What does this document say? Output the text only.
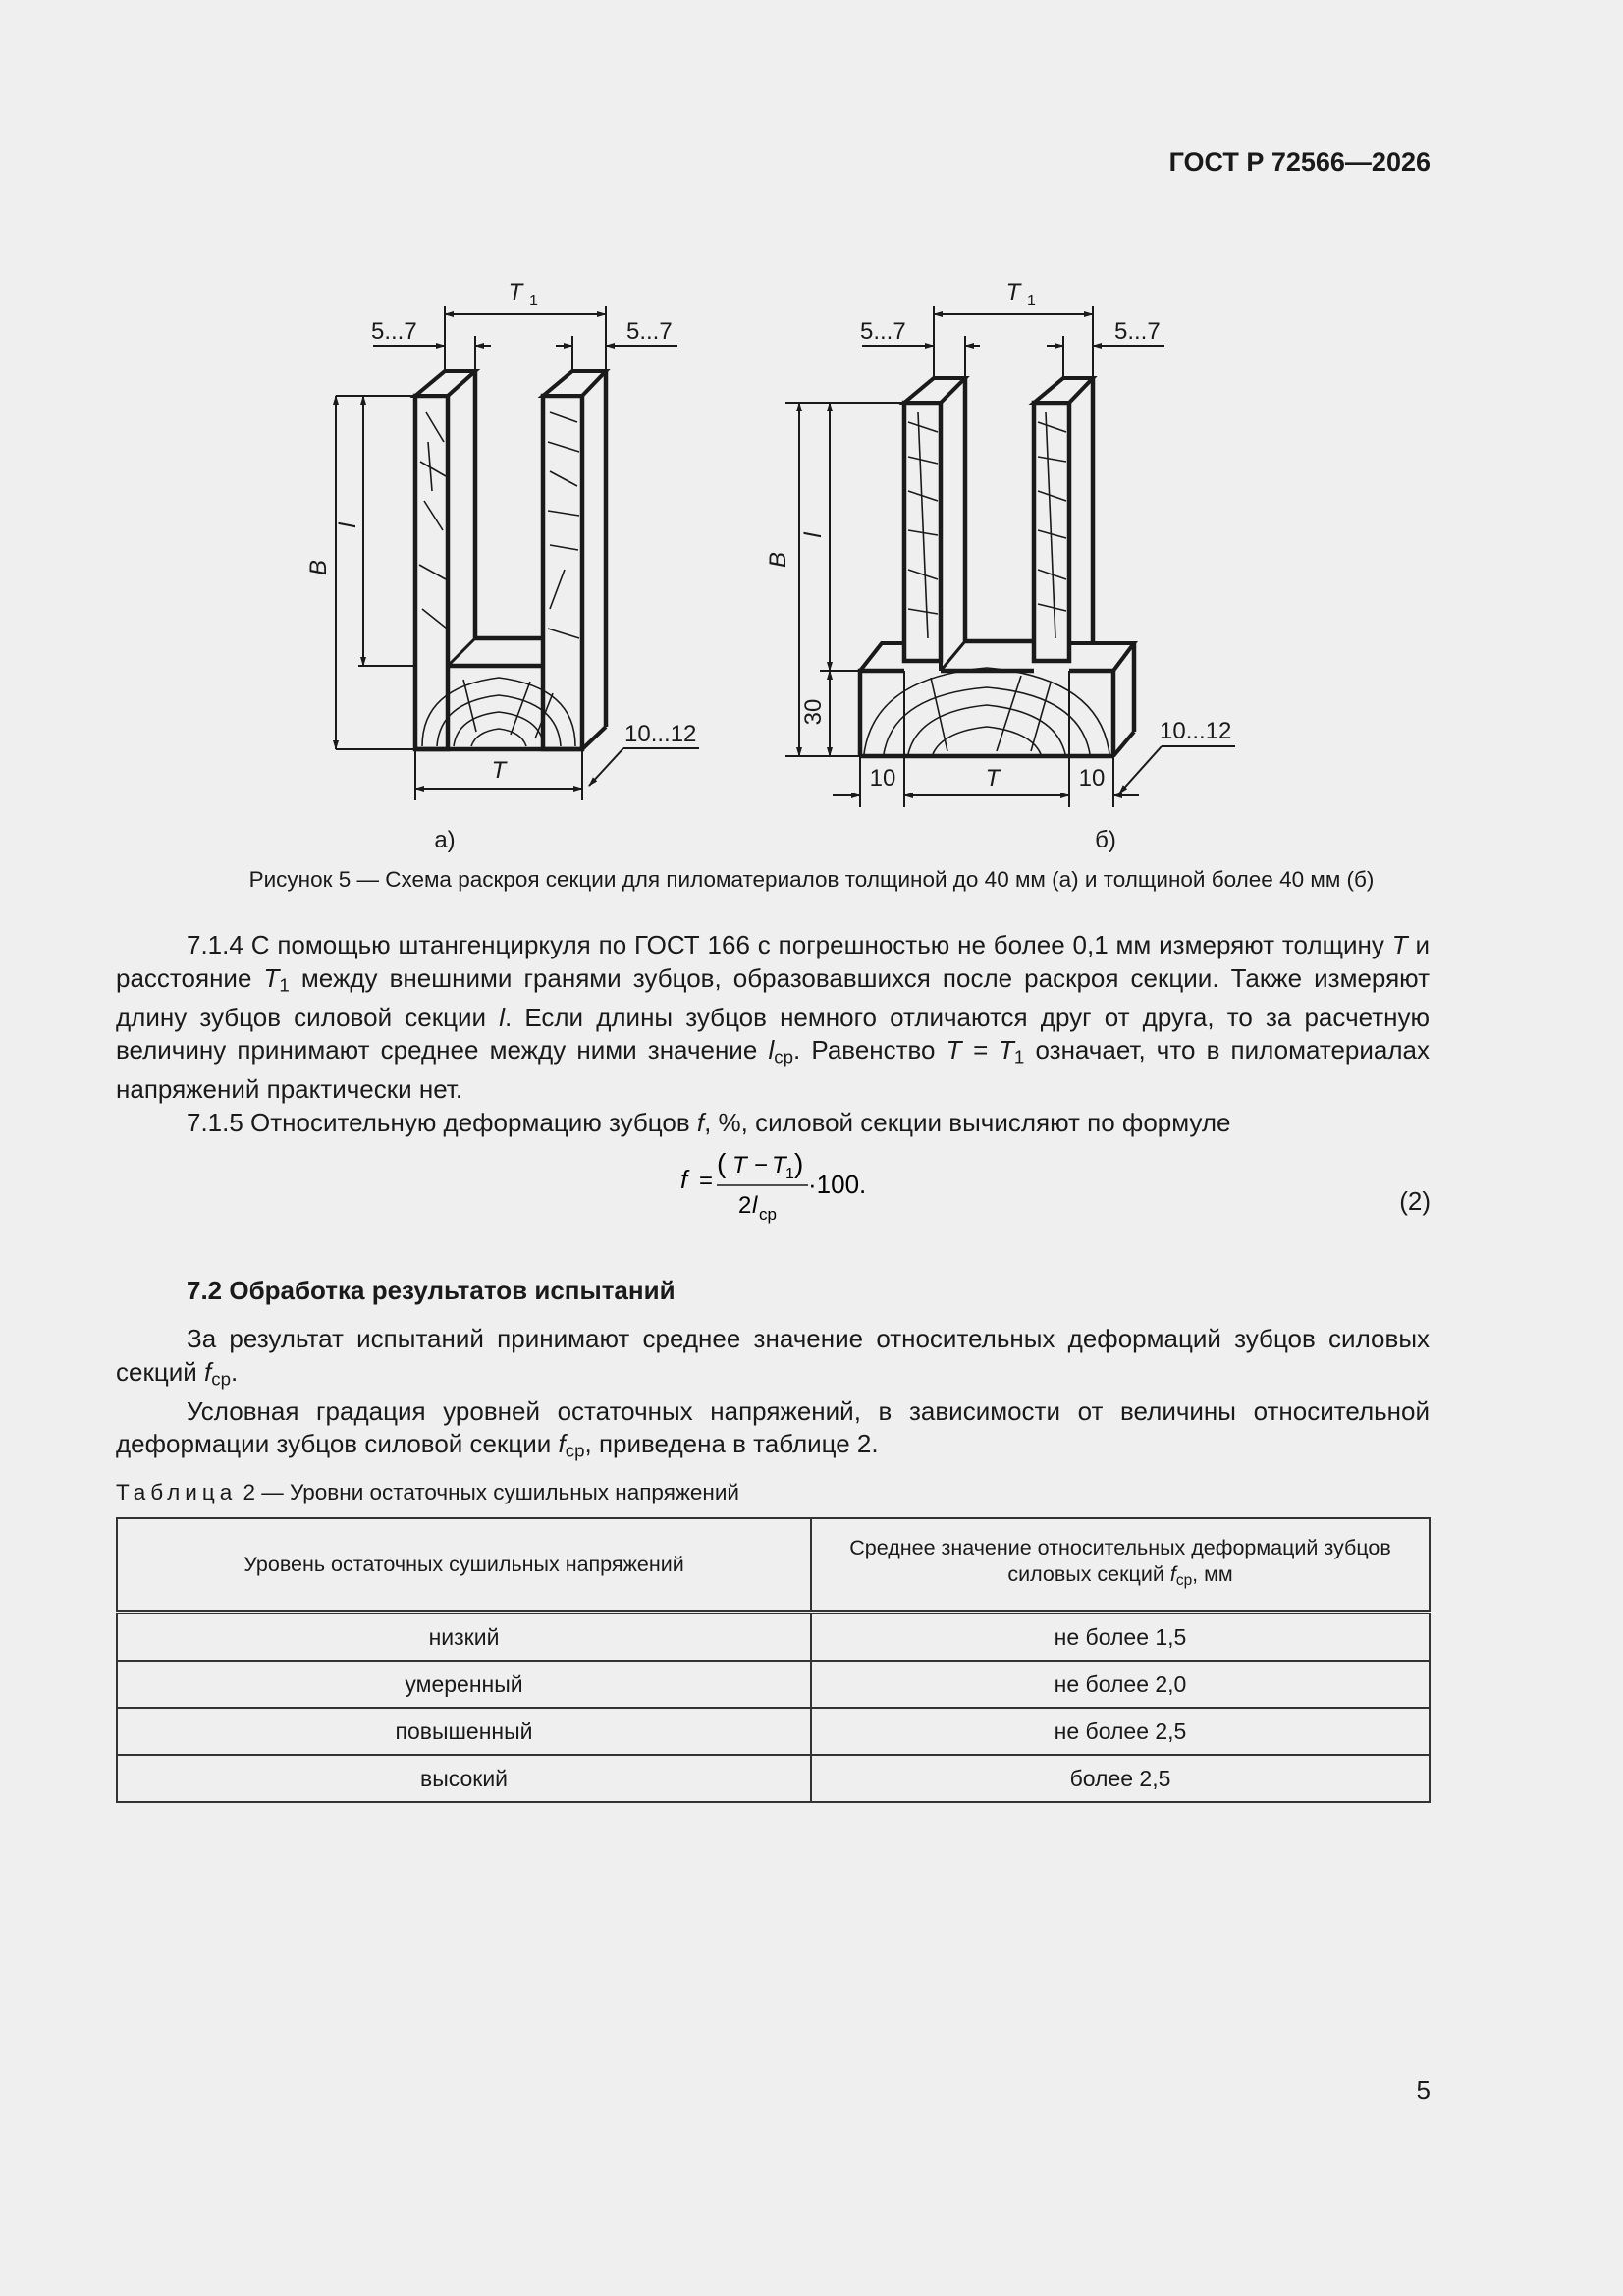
ГОСТ Р 72566—2026
T 1
5...7	5...7
B
l
T
10...12
а)
T 1
5...7	5...7
B
l
30
10	T	10
10...12
б)
Рисунок 5 — Схема раскроя секции для пиломатериалов толщиной до 40 мм (а) и толщиной более 40 мм (б)

7.1.4 С помощью штангенциркуля по ГОСТ 166 с погрешностью не более 0,1 мм измеряют толщину T и расстояние $T_1$ между внешними гранями зубцов, образовавшихся после раскроя секции. Также измеряют длину зубцов силовой секции l. Если длины зубцов немного отличаются друг от друга, то за расчетную величину принимают среднее между ними значение $l_{ср}$. Равенство $T = T_1$ означает, что в пиломатериалах напряжений практически нет.

7.1.5 Относительную деформацию зубцов f, %, силовой секции вычисляют по формуле

f =
( T − T 1 )
2 l ср
·100.
(2)
7.2 Обработка результатов испытаний

За результат испытаний принимают среднее значение относительных деформаций зубцов силовых секций $f_{ср}$.

Условная градация уровней остаточных напряжений, в зависимости от величины относительной деформации зубцов силовой секции $f_{ср}$, приведена в таблице 2.

Таблица 2 — Уровни остаточных сушильных напряжений
Уровень остаточных сушильных напряжений	Среднее значение относительных деформаций зубцов силовых секций $f_{ср}$, мм
низкий	не более 1,5
умеренный	не более 2,0
повышенный	не более 2,5
высокий	более 2,5
5
